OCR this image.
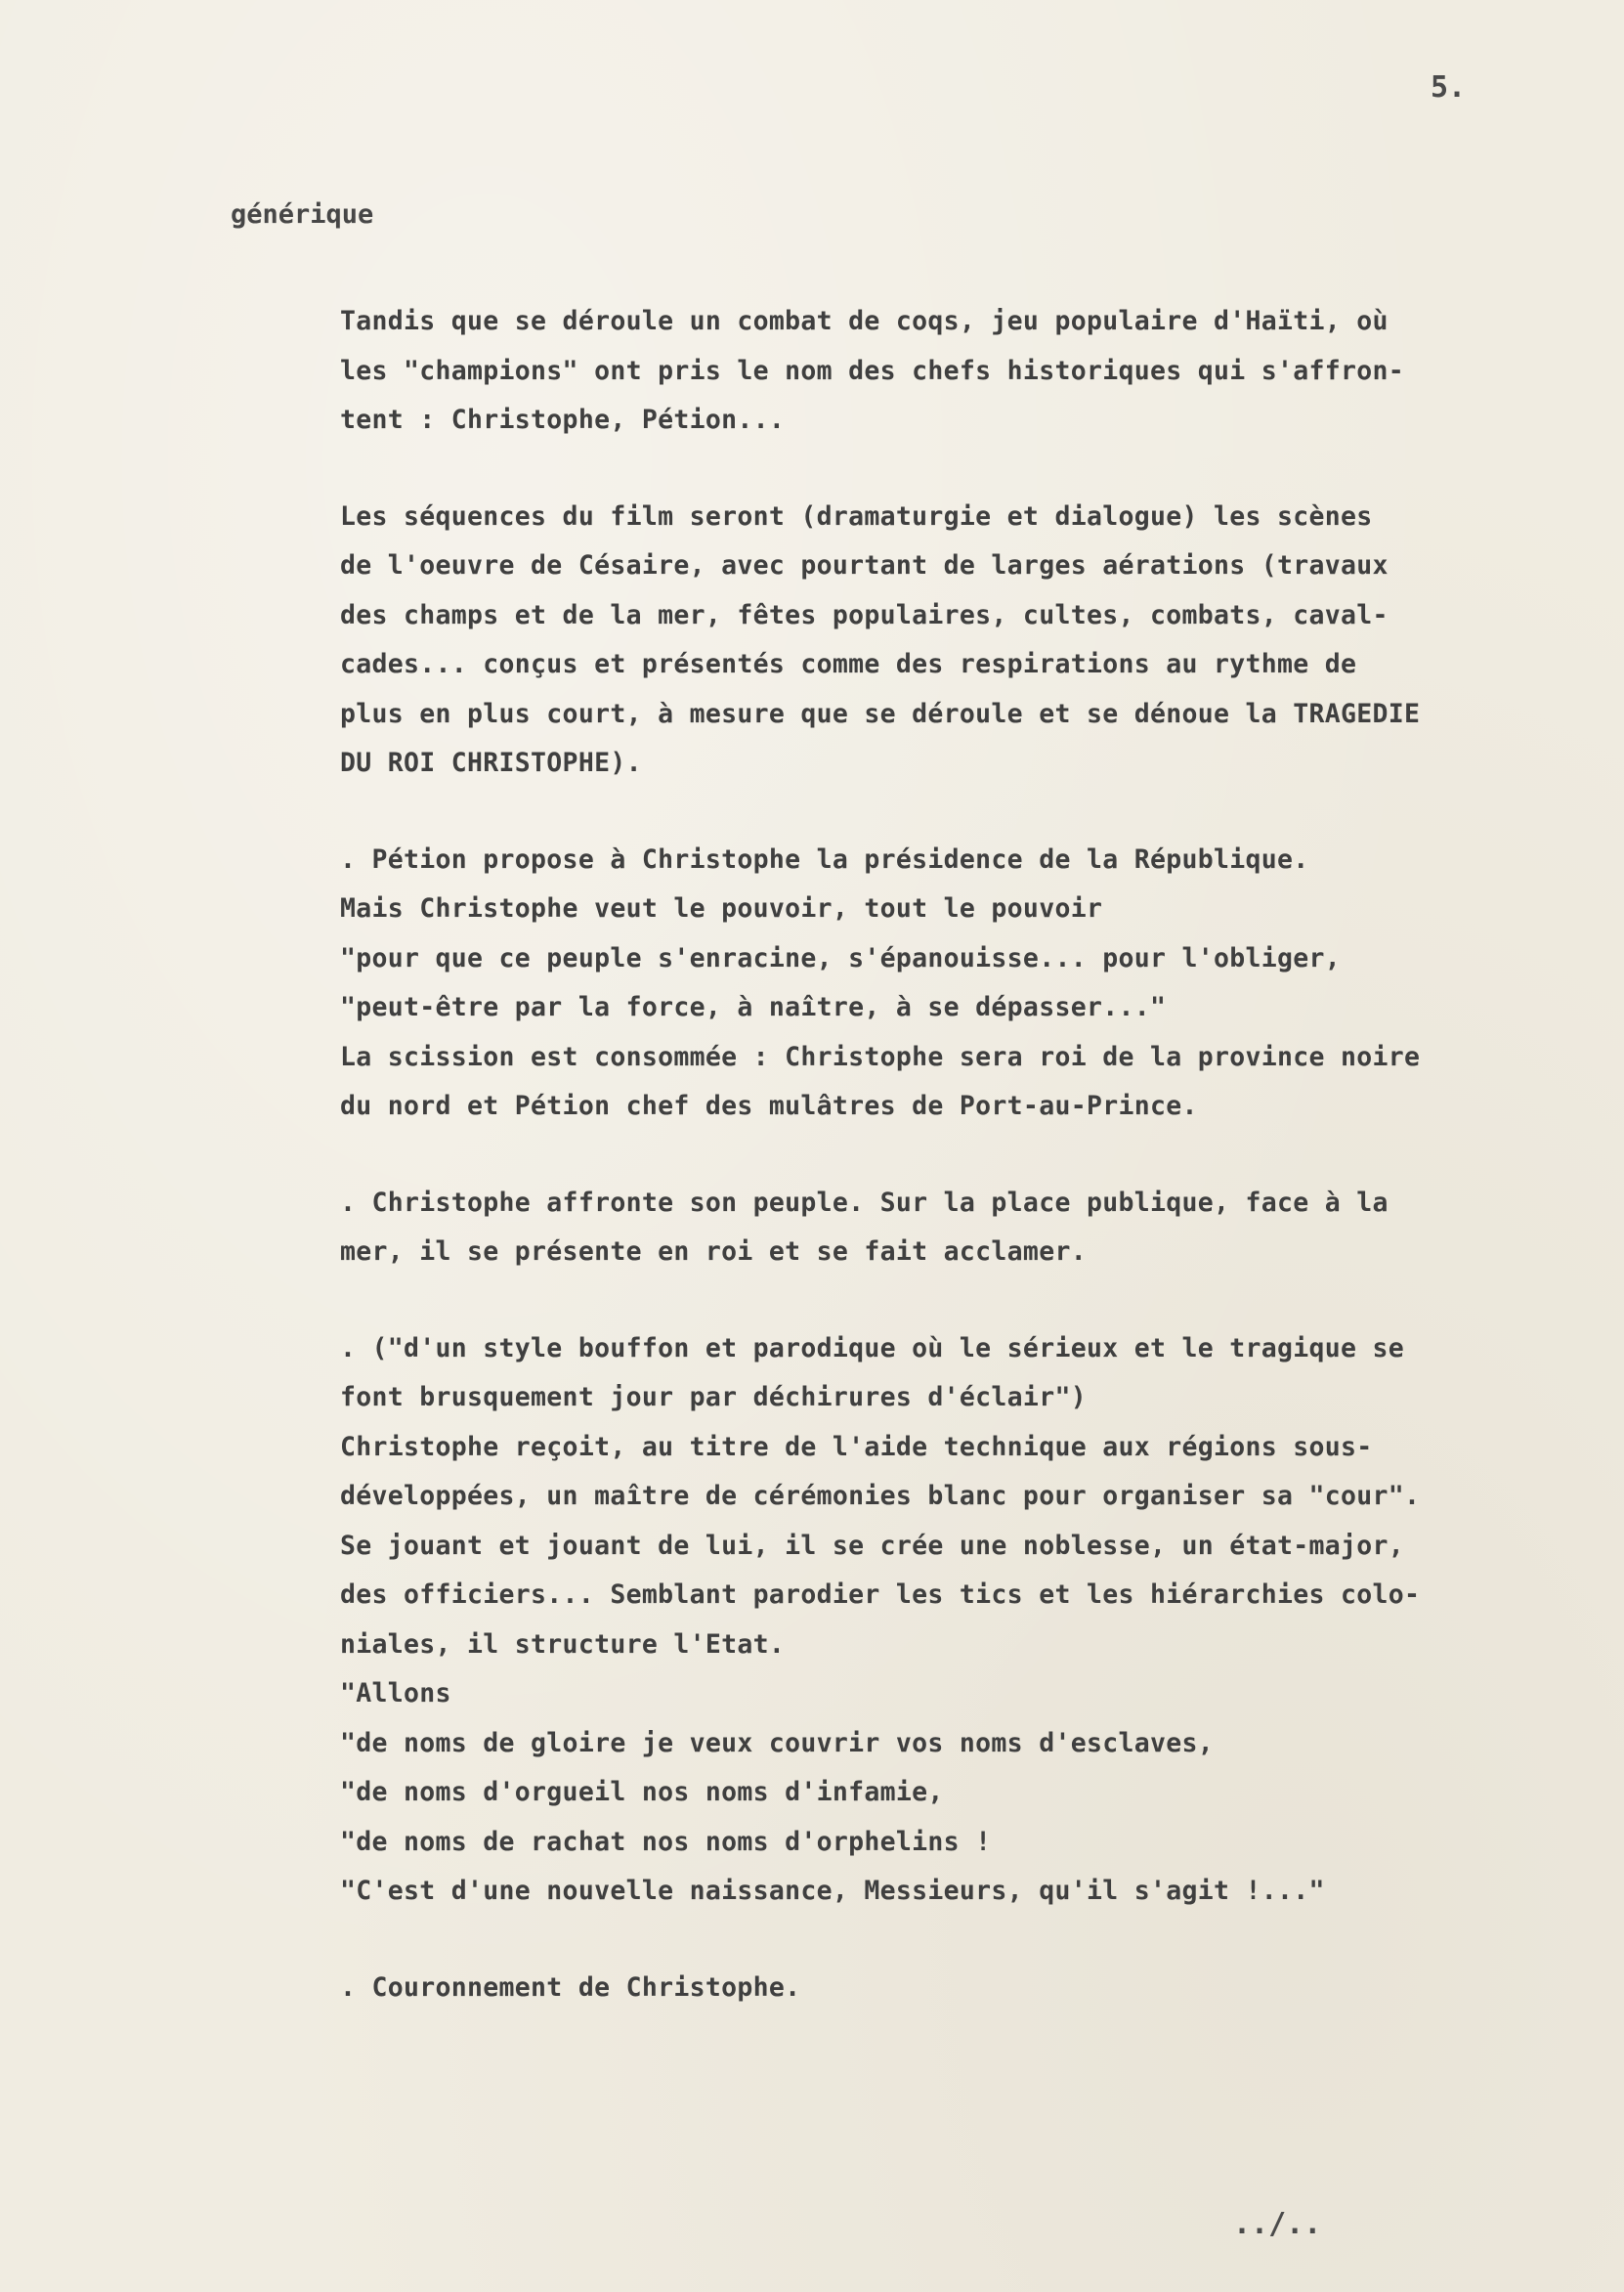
5.
générique
Tandis que se déroule un combat de coqs, jeu populaire d'Haïti, où
les "champions" ont pris le nom des chefs historiques qui s'affron-
tent : Christophe, Pétion...
Les séquences du film seront (dramaturgie et dialogue) les scènes
de l'oeuvre de Césaire, avec pourtant de larges aérations (travaux
des champs et de la mer, fêtes populaires, cultes, combats, caval-
cades... conçus et présentés comme des respirations au rythme de
plus en plus court, à mesure que se déroule et se dénoue la TRAGEDIE
DU ROI CHRISTOPHE).
. Pétion propose à Christophe la présidence de la République.
Mais Christophe veut le pouvoir, tout le pouvoir
"pour que ce peuple s'enracine, s'épanouisse... pour l'obliger,
"peut-être par la force, à naître, à se dépasser..."
La scission est consommée : Christophe sera roi de la province noire
du nord et Pétion chef des mulâtres de Port-au-Prince.
. Christophe affronte son peuple. Sur la place publique, face à la
mer, il se présente en roi et se fait acclamer.
. ("d'un style bouffon et parodique où le sérieux et le tragique se
font brusquement jour par déchirures d'éclair")
Christophe reçoit, au titre de l'aide technique aux régions sous-
développées, un maître de cérémonies blanc pour organiser sa "cour".
Se jouant et jouant de lui, il se crée une noblesse, un état-major,
des officiers... Semblant parodier les tics et les hiérarchies colo-
niales, il structure l'Etat.
"Allons
"de noms de gloire je veux couvrir vos noms d'esclaves,
"de noms d'orgueil nos noms d'infamie,
"de noms de rachat nos noms d'orphelins !
"C'est d'une nouvelle naissance, Messieurs, qu'il s'agit !..."
. Couronnement de Christophe.
../..
